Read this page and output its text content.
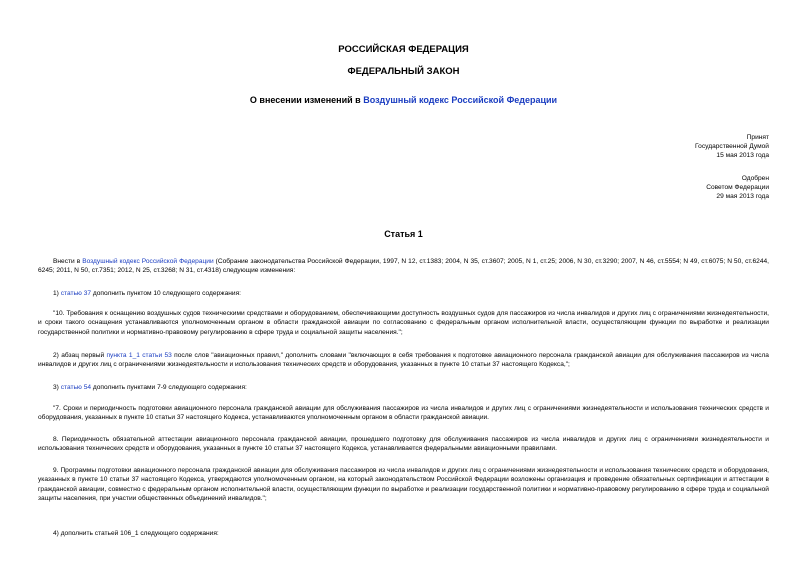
РОССИЙСКАЯ ФЕДЕРАЦИЯ
ФЕДЕРАЛЬНЫЙ ЗАКОН
О внесении изменений в Воздушный кодекс Российской Федерации
Принят
Государственной Думой
15 мая 2013 года
Одобрен
Советом Федерации
29 мая 2013 года
Статья 1
Внести в Воздушный кодекс Российской Федерации (Собрание законодательства Российской Федерации, 1997, N 12, ст.1383; 2004, N 35, ст.3607; 2005, N 1, ст.25; 2006, N 30, ст.3290; 2007, N 46, ст.5554; N 49, ст.6075; N 50, ст.6244, 6245; 2011, N 50, ст.7351; 2012, N 25, ст.3268; N 31, ст.4318) следующие изменения:
1) статью 37 дополнить пунктом 10 следующего содержания:
"10. Требования к оснащению воздушных судов техническими средствами и оборудованием, обеспечивающими доступность воздушных судов для пассажиров из числа инвалидов и других лиц с ограничениями жизнедеятельности, и сроки такого оснащения устанавливаются уполномоченным органом в области гражданской авиации по согласованию с федеральным органом исполнительной власти, осуществляющим функции по выработке и реализации государственной политики и нормативно-правовому регулированию в сфере труда и социальной защиты населения.";
2) абзац первый пункта 1_1 статьи 53 после слов "авиационных правил," дополнить словами "включающих в себя требования к подготовке авиационного персонала гражданской авиации для обслуживания пассажиров из числа инвалидов и других лиц с ограничениями жизнедеятельности и использования технических средств и оборудования, указанных в пункте 10 статьи 37 настоящего Кодекса,";
3) статью 54 дополнить пунктами 7-9 следующего содержания:
"7. Сроки и периодичность подготовки авиационного персонала гражданской авиации для обслуживания пассажиров из числа инвалидов и других лиц с ограничениями жизнедеятельности и использования технических средств и оборудования, указанных в пункте 10 статьи 37 настоящего Кодекса, устанавливаются уполномоченным органом в области гражданской авиации.
8. Периодичность обязательной аттестации авиационного персонала гражданской авиации, прошедшего подготовку для обслуживания пассажиров из числа инвалидов и других лиц с ограничениями жизнедеятельности и использования технических средств и оборудования, указанных в пункте 10 статьи 37 настоящего Кодекса, устанавливается федеральными авиационными правилами.
9. Программы подготовки авиационного персонала гражданской авиации для обслуживания пассажиров из числа инвалидов и других лиц с ограничениями жизнедеятельности и использования технических средств и оборудования, указанных в пункте 10 статьи 37 настоящего Кодекса, утверждаются уполномоченным органом, на который законодательством Российской Федерации возложены организация и проведение обязательных сертификации и аттестации в гражданской авиации, совместно с федеральным органом исполнительной власти, осуществляющим функции по выработке и реализации государственной политики и нормативно-правовому регулированию в сфере труда и социальной защиты населения, при участии общественных объединений инвалидов.";
4) дополнить статьей 106_1 следующего содержания:
